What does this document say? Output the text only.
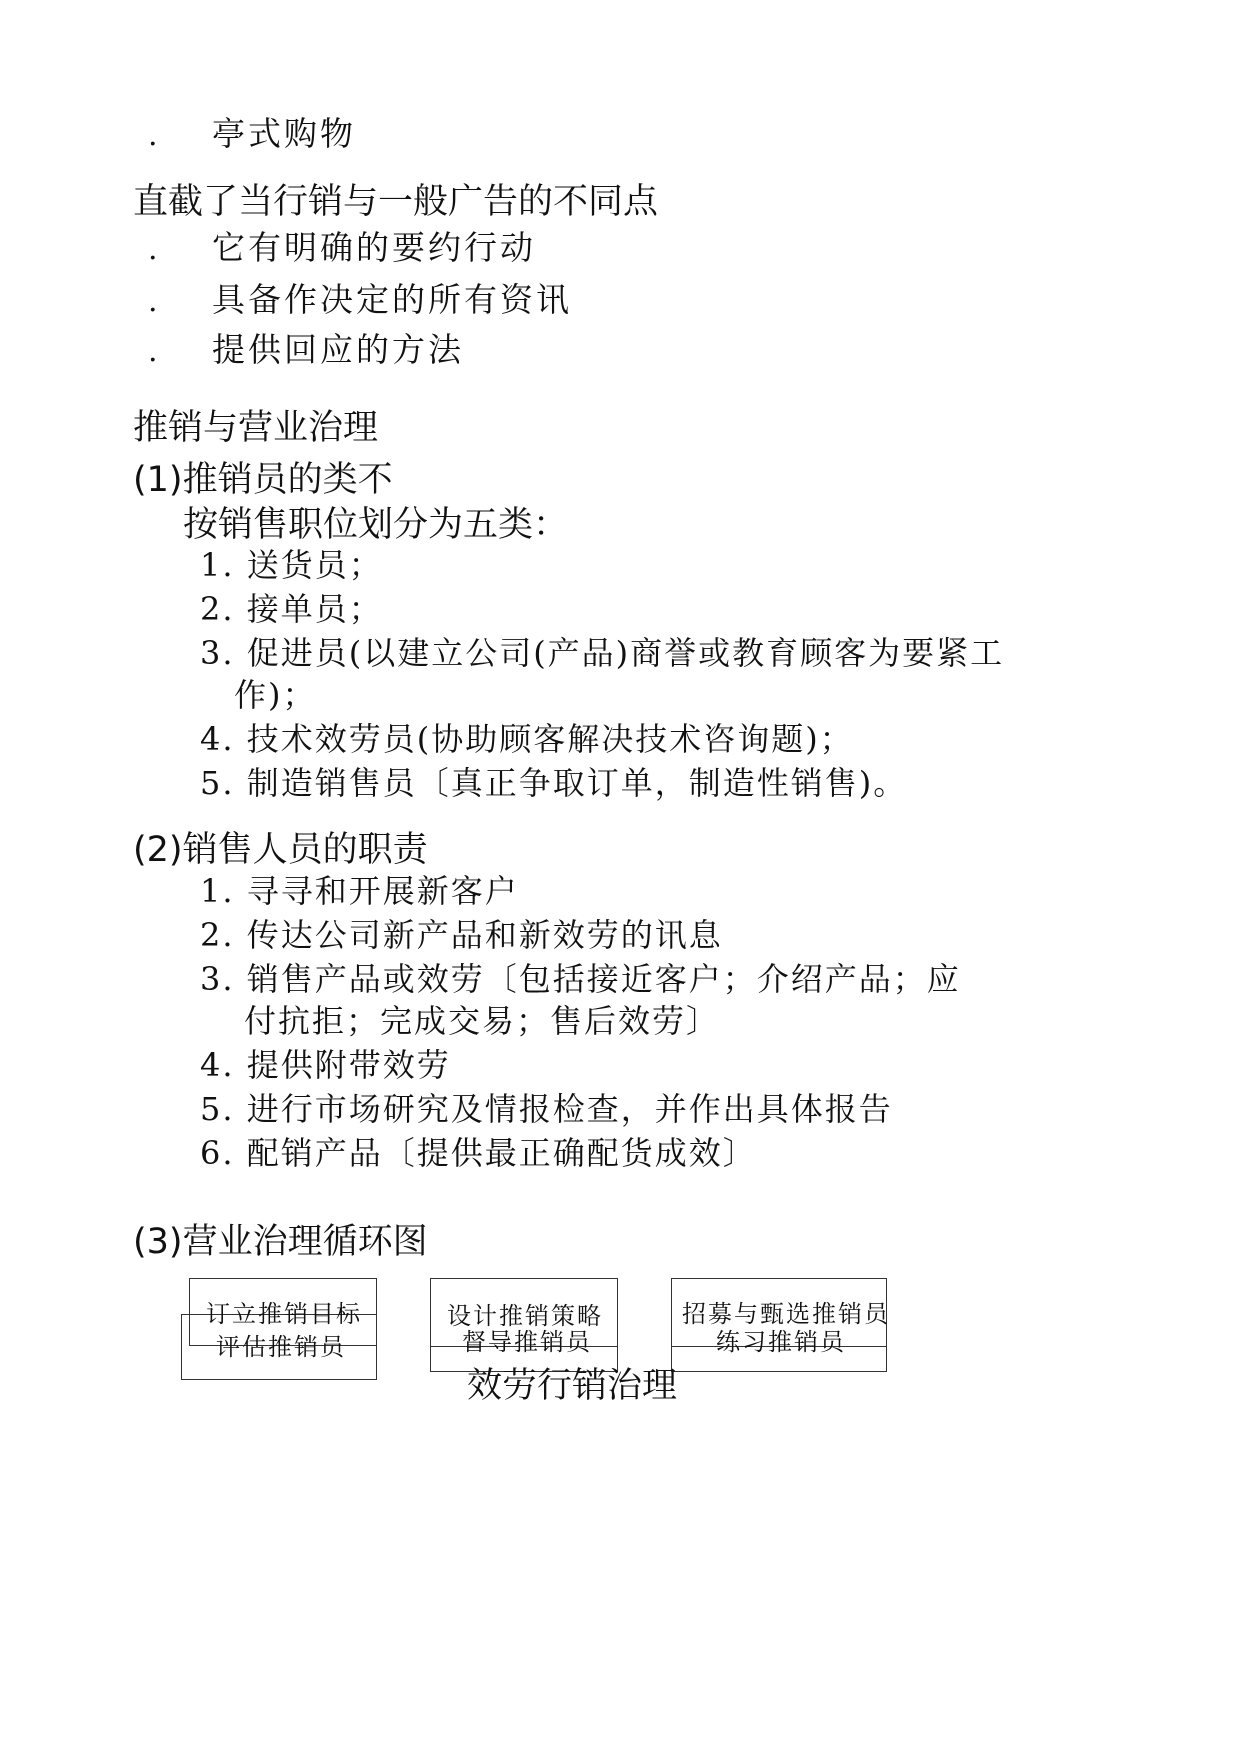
. 亭式购物
直截了当行销与一般广告的不同点
. 它有明确的要约行动
. 具备作决定的所有资讯
. 提供回应的方法
推销与营业治理
(1)推销员的类不
按销售职位划分为五类：
1. 送货员；
2. 接单员；
3. 促进员(以建立公司(产品)商誉或教育顾客为要紧工
作)；
4. 技术效劳员(协助顾客解决技术咨询题)；
5. 制造销售员〔真正争取订单，制造性销售)。
(2)销售人员的职责
1. 寻寻和开展新客户
2. 传达公司新产品和新效劳的讯息
3. 销售产品或效劳〔包括接近客户；介绍产品；应
付抗拒；完成交易；售后效劳〕
4. 提供附带效劳
5. 进行市场研究及情报检查，并作出具体报告
6. 配销产品〔提供最正确配货成效〕
(3)营业治理循环图
订立推销目标
评估推销员
设计推销策略
督导推销员
招募与甄选推销员
练习推销员
效劳行销治理
